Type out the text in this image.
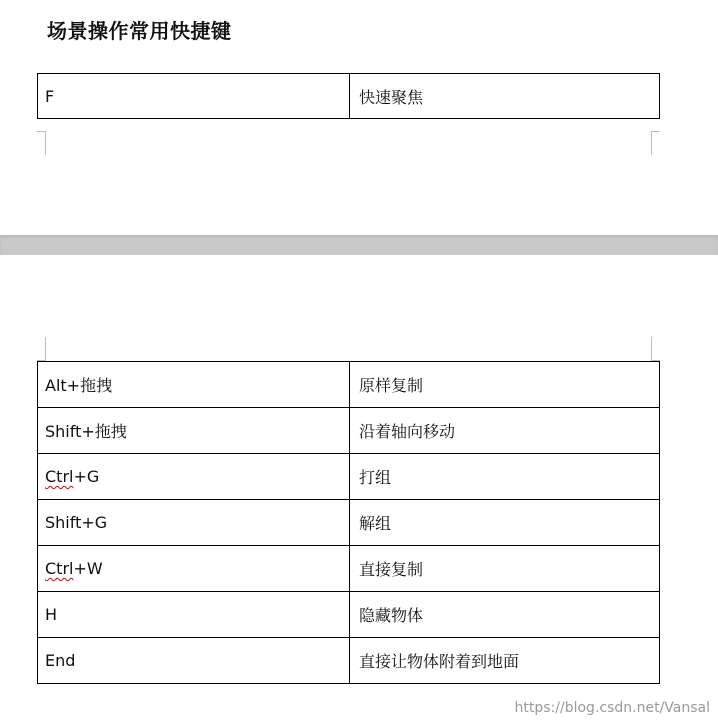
场景操作常用快捷键
F	快速聚焦
Alt+拖拽	原样复制
Shift+拖拽	沿着轴向移动
Ctrl+G	打组
Shift+G	解组
Ctrl+W	直接复制
H	隐藏物体
End	直接让物体附着到地面
https://blog.csdn.net/Vansal
